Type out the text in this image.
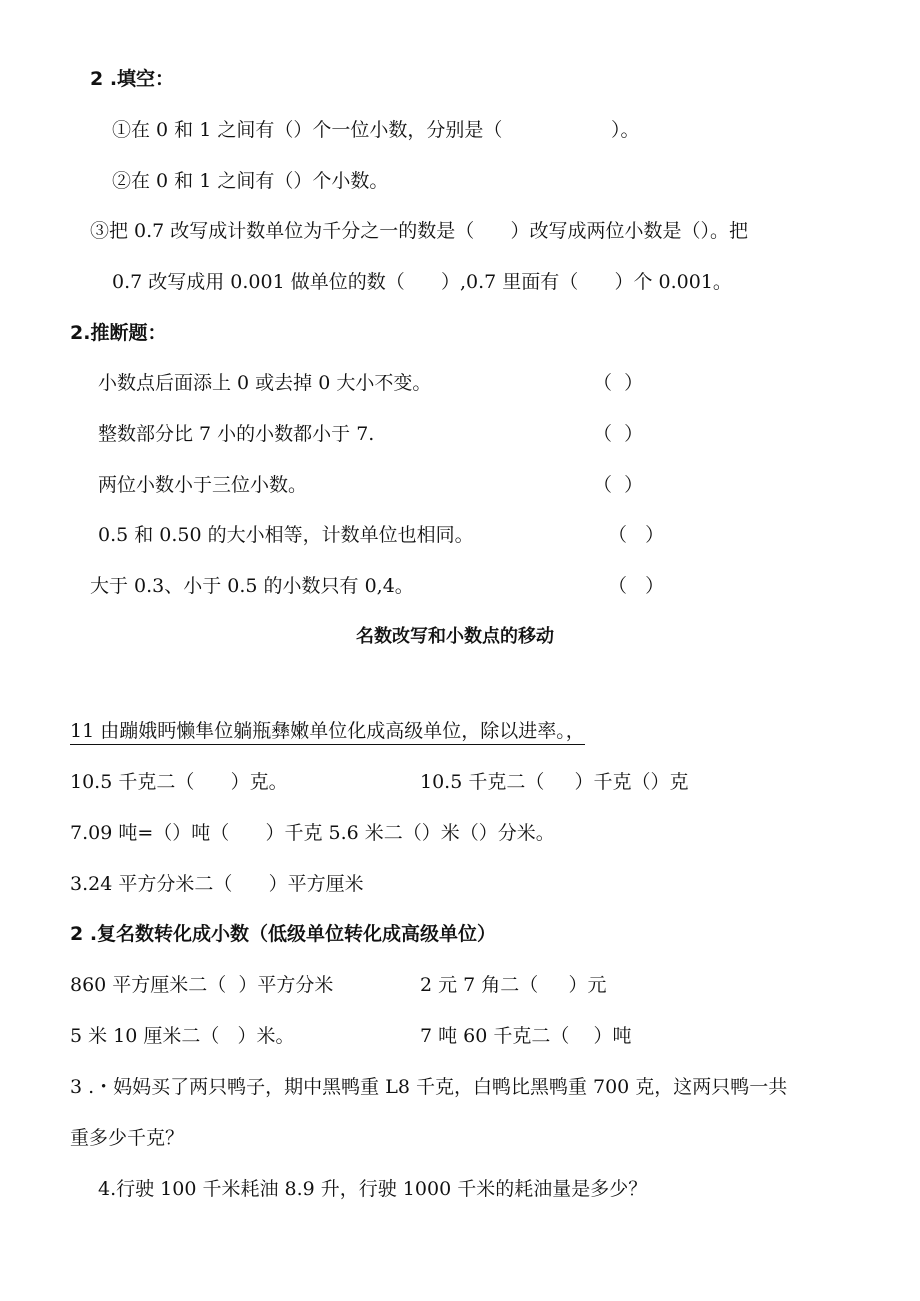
2 .填空：
①在 0 和 1 之间有（）个一位小数，分别是（                  ）。
②在 0 和 1 之间有（）个小数。
③把 0.7 改写成计数单位为千分之一的数是（      ）改写成两位小数是（）。把
0.7 改写成用 0.001 做单位的数（      ）,0.7 里面有（      ）个 0.001。
2.推断题：
小数点后面添上 0 或去掉 0 大小不变。	（  ）
整数部分比 7 小的小数都小于 7.	（  ）
两位小数小于三位小数。	（  ）
0.5 和 0.50 的大小相等，计数单位也相同。	（   ）
大于 0.3、小于 0.5 的小数只有 0,4。	（   ）
名数改写和小数点的移动
11 由蹦娥眄懒隼位躺瓶彝嫩单位化成高级单位，除以进率。，
10.5 千克二（      ）克。	10.5 千克二（     ）千克（）克
7.09 吨=（）吨（      ）千克 5.6 米二（）米（）分米。
3.24 平方分米二（      ）平方厘米
2 .复名数转化成小数（低级单位转化成高级单位）
860 平方厘米二（  ）平方分米	2 元 7 角二（     ）元
5 米 10 厘米二（   ）米。	7 吨 60 千克二（    ）吨
3 .・妈妈买了两只鸭子，期中黑鸭重 L8 千克，白鸭比黑鸭重 700 克，这两只鸭一共
重多少千克？
4.行驶 100 千米耗油 8.9 升，行驶 1000 千米的耗油量是多少？
